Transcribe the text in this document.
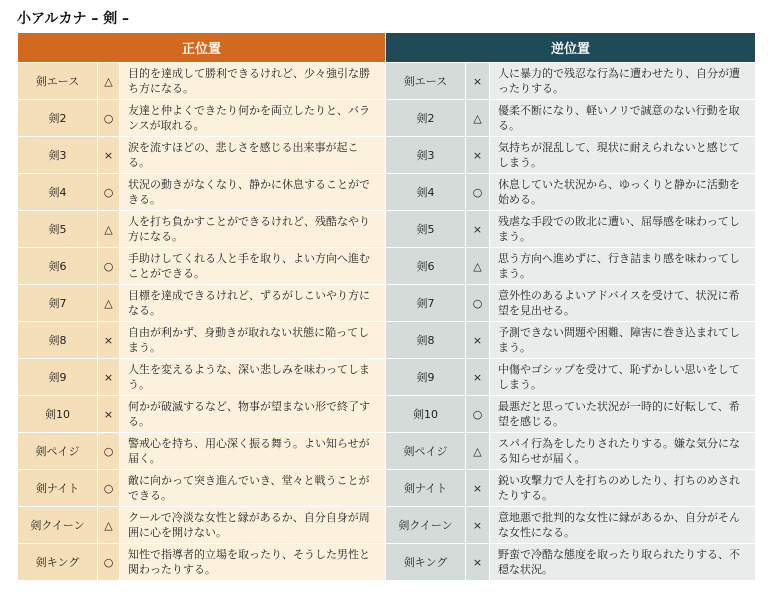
小アルカナ – 剣 –
正位置			逆位置		
剣エース	△	目的を達成して勝利できるけれど、少々強引な勝ち方になる。	剣エース	×	人に暴力的で残忍な行為に遭わせたり、自分が遭ったりする。
剣2	○	友達と仲よくできたり何かを両立したりと、バランスが取れる。	剣2	△	優柔不断になり、軽いノリで誠意のない行動を取る。
剣3	×	涙を流すほどの、悲しさを感じる出来事が起こる。	剣3	×	気持ちが混乱して、現状に耐えられないと感じてしまう。
剣4	○	状況の動きがなくなり、静かに休息することができる。	剣4	○	休息していた状況から、ゆっくりと静かに活動を始める。
剣5	△	人を打ち負かすことができるけれど、残酷なやり方になる。	剣5	×	残虐な手段での敗北に遭い、屈辱感を味わってしまう。
剣6	○	手助けしてくれる人と手を取り、よい方向へ進むことができる。	剣6	△	思う方向へ進めずに、行き詰まり感を味わってしまう。
剣7	△	目標を達成できるけれど、ずるがしこいやり方になる。	剣7	○	意外性のあるよいアドバイスを受けて、状況に希望を見出せる。
剣8	×	自由が利かず、身動きが取れない状態に陥ってしまう。	剣8	×	予測できない問題や困難、障害に巻き込まれてしまう。
剣9	×	人生を変えるような、深い悲しみを味わってしまう。	剣9	×	中傷やゴシップを受けて、恥ずかしい思いをしてしまう。
剣10	×	何かが破滅するなど、物事が望まない形で終了する。	剣10	○	最悪だと思っていた状況が一時的に好転して、希望を感じる。
剣ペイジ	○	警戒心を持ち、用心深く振る舞う。よい知らせが届く。	剣ペイジ	△	スパイ行為をしたりされたりする。嫌な気分になる知らせが届く。
剣ナイト	○	敵に向かって突き進んでいき、堂々と戦うことができる。	剣ナイト	×	鋭い攻撃力で人を打ちのめしたり、打ちのめされたりする。
剣クイーン	△	クールで冷淡な女性と縁があるか、自分自身が周囲に心を開けない。	剣クイーン	×	意地悪で批判的な女性に縁があるか、自分がそんな女性になる。
剣キング	○	知性で指導者的立場を取ったり、そうした男性と関わったりする。	剣キング	×	野蛮で冷酷な態度を取ったり取られたりする、不穏な状況。
